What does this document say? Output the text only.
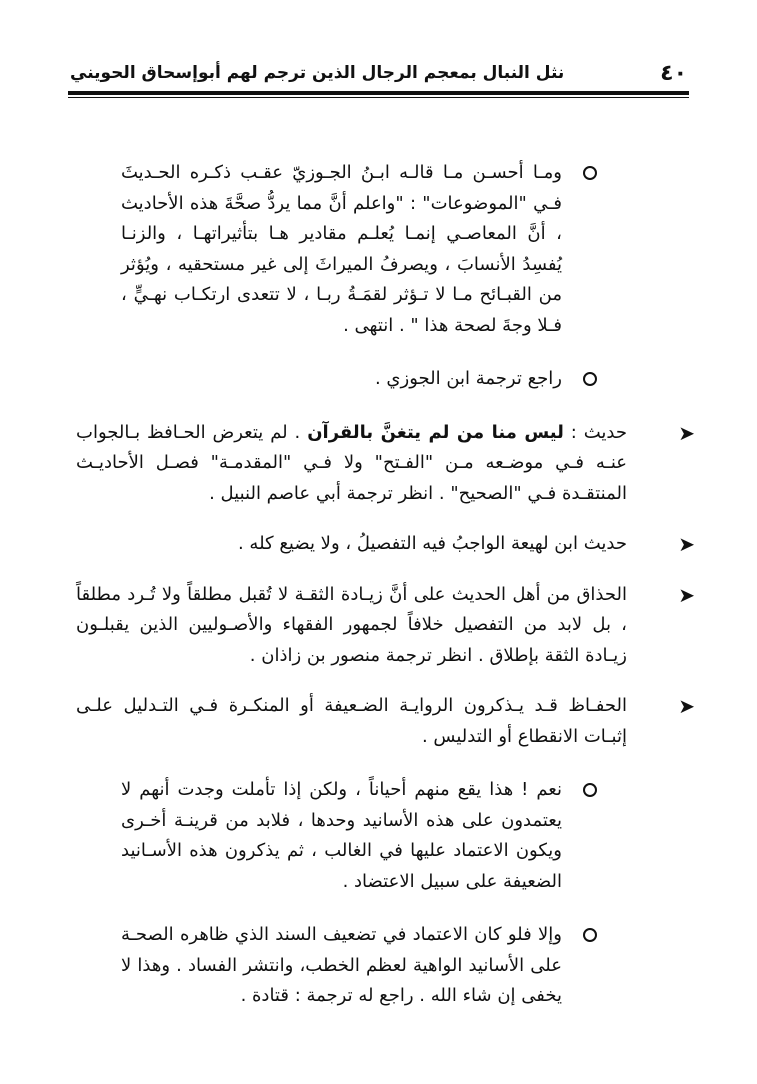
٤٠
نثل النبال بمعجم الرجال الذين ترجم لهم أبوإسحاق الحويني
ومـا أحسـن مـا قالـه ابـنُ الجـوزيّ عقـب ذكـره الحـديثَ فـي "الموضوعات" : "واعلم أنَّ مما يردُّ صحَّةَ هذه الأحاديث ، أنَّ المعاصـي إنمـا يُعلـم مقادير هـا بتأثيراتهـا ، والزنـا يُفسِدُ الأنسابَ ، ويصرفُ الميراثَ إلى غير مستحقيه ، ويُؤثر من القبـائح مـا لا تـؤثر لقمَـةُ ربـا ، لا تتعدى ارتكـاب نهـيٍّ ، فـلا وجةَ لصحة هذا " . انتهى .
راجع ترجمة ابن الجوزي .
➤
حديث : ليس منا من لم يتغنَّ بالقرآن . لم يتعرض الحـافظ بـالجواب عنـه فـي موضـعه مـن "الفـتح" ولا فـي "المقدمـة" فصـل الأحاديـث المنتقـدة فـي "الصحيح" . انظر ترجمة أبي عاصم النبيل .
➤
حديث ابن لهيعة الواجبُ فيه التفصيلُ ، ولا يضيع كله .
➤
الحذاق من أهل الحديث على أنَّ زيـادة الثقـة لا تُقبل مطلقاً ولا تُـرد مطلقاً ، بل لابد من التفصيل خلافاً لجمهور الفقهاء والأصـوليين الذين يقبلـون زيـادة الثقة بإطلاق . انظر ترجمة منصور بن زاذان .
➤
الحفـاظ قـد يـذكرون الروايـة الضـعيفة أو المنكـرة فـي التـدليل علـى إثبـات الانقطاع أو التدليس .
نعم ! هذا يقع منهم أحياناً ، ولكن إذا تأملت وجدت أنهم لا يعتمدون على هذه الأسانيد وحدها ، فلابد من قرينـة أخـرى ويكون الاعتماد عليها في الغالب ، ثم يذكرون هذه الأسـانيد الضعيفة على سبيل الاعتضاد .
وإلا فلو كان الاعتماد في تضعيف السند الذي ظاهره الصحـة على الأسانيد الواهية لعظم الخطب، وانتشر الفساد . وهذا لا يخفى إن شاء الله . راجع له ترجمة : قتادة .
